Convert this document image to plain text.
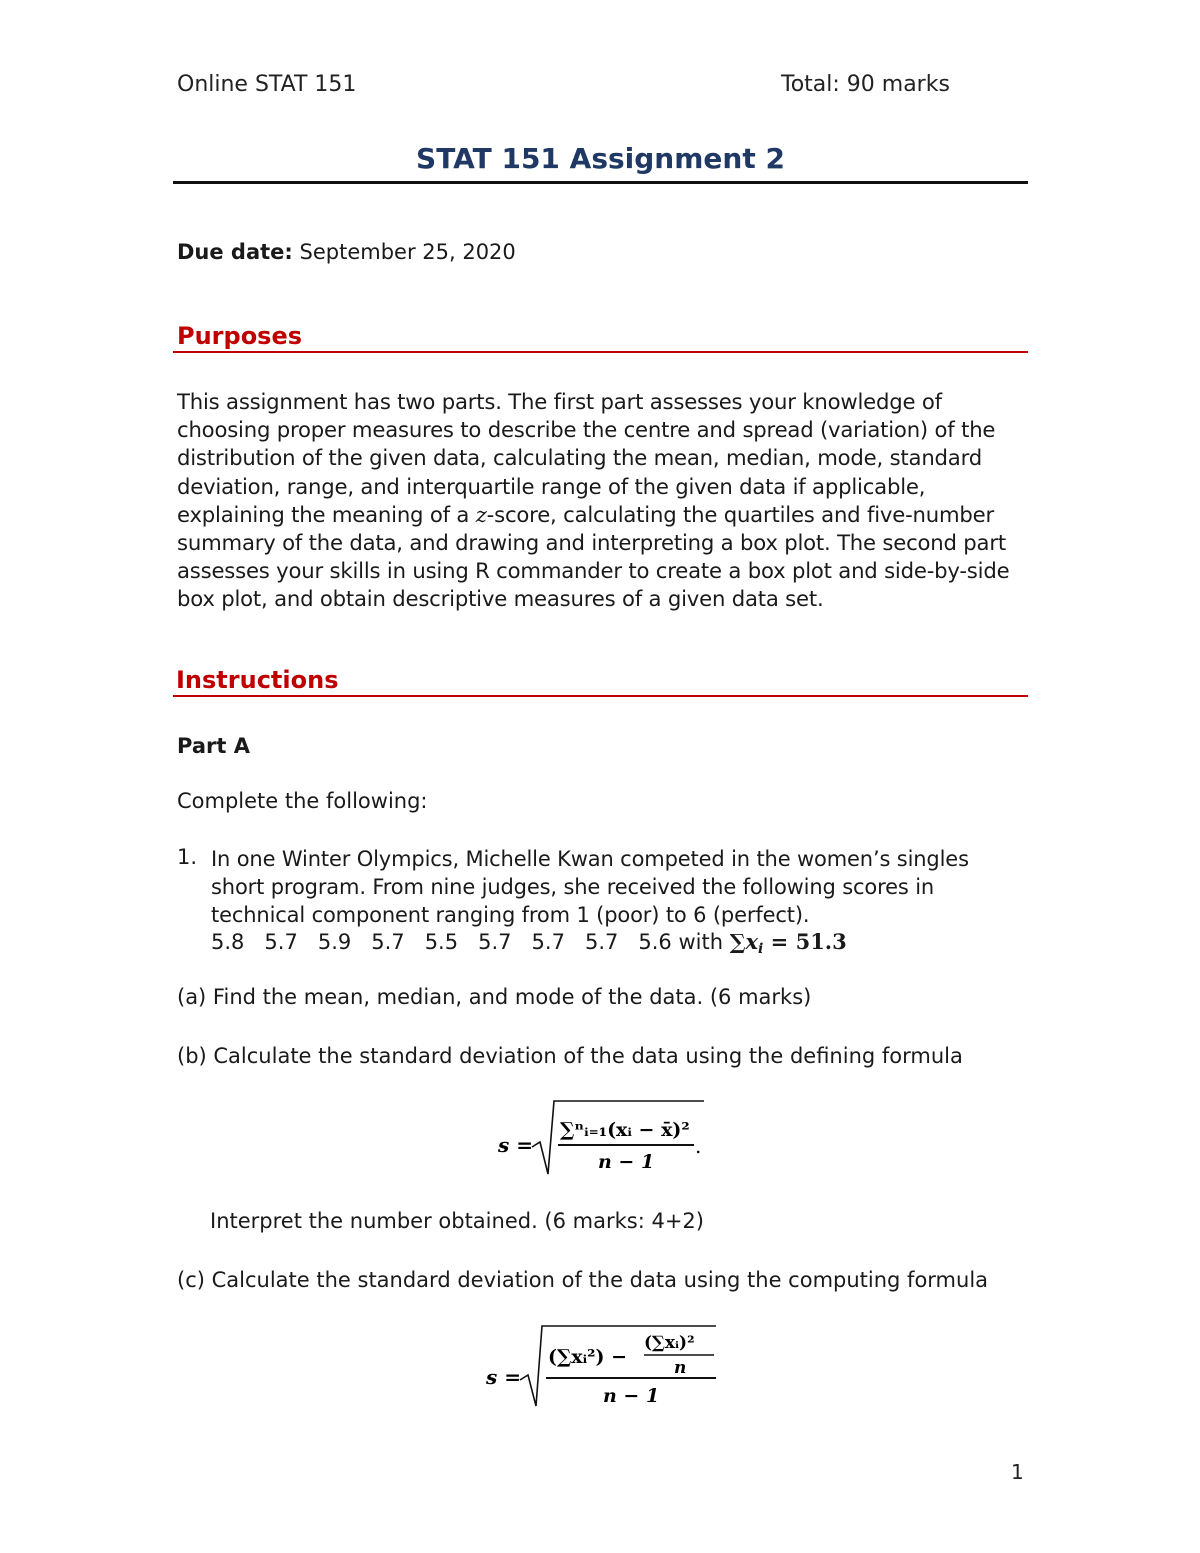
Online STAT 151	Total: 90 marks
STAT 151 Assignment 2
Due date: September 25, 2020
Purposes
This assignment has two parts. The first part assesses your knowledge of choosing proper measures to describe the centre and spread (variation) of the distribution of the given data, calculating the mean, median, mode, standard deviation, range, and interquartile range of the given data if applicable, explaining the meaning of a z-score, calculating the quartiles and five-number summary of the data, and drawing and interpreting a box plot. The second part assesses your skills in using R commander to create a box plot and side-by-side box plot, and obtain descriptive measures of a given data set.
Instructions
Part A
Complete the following:
1. In one Winter Olympics, Michelle Kwan competed in the women’s singles short program. From nine judges, she received the following scores in technical component ranging from 1 (poor) to 6 (perfect).
5.8   5.7   5.9   5.7   5.5   5.7   5.7   5.7   5.6 with $\sum x_i = 51.3$
(a) Find the mean, median, and mode of the data. (6 marks)
(b) Calculate the standard deviation of the data using the defining formula
s =
∑ⁿᵢ₌₁(xᵢ − x̄)²
n − 1
.
Interpret the number obtained. (6 marks: 4+2)
(c) Calculate the standard deviation of the data using the computing formula
s =
(∑xᵢ²) −
(∑xᵢ)²
n
n − 1
1
